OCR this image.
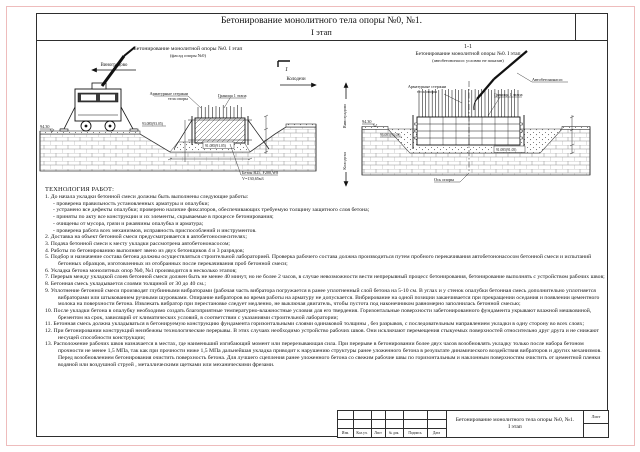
Бетонирование монолитного тела опоры №0, №1.
I этап
Бетонирование монолитной опоры №0. I этап
(фасад опоры №0)
Виноградово
1
Колодези
Арматурные стержни
тела опоры
Граница 1 этапа
94.30	93.085(93.05)
91.085(91.05)
Бетон В25, F200,W8
V=130,65м3
1-1
Бетонирование монолитной опоры №0. I этап
(автобетононасос условно не показан)
Виноградово
Колодези
Автобетононасос
Арматурные стержни
тела опоры
Граница 1 этапа
94.30
93.085(93.05)
91.085(91.05)
Ось опоры
ТЕХНОЛОГИЯ РАБОТ:
1. До начала укладки бетонной смеси должны быть выполнены следующие работы:
- проверена правильность установленных арматуры и опалубки;
- устранено все дефекты опалубки; проверено наличие фиксаторов, обеспечивающих требуемую толщину защитного слоя бетона;
- приняты по акту все конструкции и их элементы, скрываемые в процессе бетонирования;
- очищены от мусора, грязи и ржавчины опалубка и арматура;
- проверена работа всех механизмов, исправность приспособлений и инструментов.
2. Доставка на объект бетонной смеси предусматривается в автобетоносмесителях;
3. Подача бетонной смеси к месту укладки рассмотрена автобетононасосом;
4. Работы по бетонированию выполняет звено из двух бетонщиков 4 и 3 разрядов;
5. Подбор и назначение состава бетона должны осуществляться строительной лабораторией. Проверка рабочего состава должна производиться путем пробного перекачивания автобетононасосом бетонной смеси и испытаний бетонных образцов, изготовленных из отобранных после перекачивания проб бетонной смеси;
6. Укладка бетона монолитных опор №0, №1 производится в несколько этапов;
7. Перерыв между укладкой слоев бетонной смеси должен быть не менее 40 минут, но не более 2 часов, в случае невозможности вести непрерывный процесс бетонирования, бетонирование выполнять с устройством рабочих швов;
8. Бетонная смесь укладывается слоями толщиной от 30 до 40 см.;
9. Уплотнение бетонной смеси производят глубинными вибраторами (рабочая часть вибратора погружается в ранее уплотненный слой бетона на 5-10 см. В углах и у стенок опалубки бетонная смесь дополнительно уплотняется вибраторами или штыкованием ручными шуровками. Опирание вибраторов во время работы на арматуру не допускается. Вибрирование на одной позиции заканчивается при прекращении оседания и появлении цементного молока на поверхности бетона. Извлекать вибратор при перестановке следует медленно, не выключая двигатель, чтобы пустота под наконечником равномерно заполнилась бетонной смесью;
10. После укладки бетона в опалубку необходимо создать благоприятные температурно-влажностные условия для его твердения. Горизонтальные поверхности забетонированного фундамента укрывают влажной мешковиной, брезентом на срок, зависящий от климатических условий, в соответствии с указаниями строительной лаборатории;
11. Бетонная смесь должна укладываться в бетонируемую конструкцию фундамента горизонтальными слоями одинаковой толщины , без разрывов, с последовательным направлением укладки в одну сторону во всех слоях;
12. При бетонировании конструкций неизбежны технологические перерывы. В этих случаях необходимо устройство рабочих швов. Они исключают перемещения стыкуемых поверхностей относительно друг друга и не снижают несущей способности конструкции;
13. Расположение рабочих швов назначается в местах, где наименьший изгибающий момент или перерезывающая сила. При перерыве в бетонировании более двух часов возобновлять укладку только после набора бетоном прочности не менее 1,5 МПа, так как при прочности ниже 1,5 МПа дальнейшая укладка приводит к нарушению структуры ранее уложенного бетона в результате динамического воздействия вибраторов и других механизмов. Перед возобновлением бетонирования очистить поверхность бетона. Для лучшего сцепления ранее уложенного бетона со свежим рабочие швы по горизонтальным и наклонным поверхностям очистить от цементной пленки водяной или воздушной струей , металлическими щетками или механическими фрезами.
Изм.	Кол.уч.	Лист	№ док.	Подпись	Дата
Бетонирование монолитного тела опоры №0, №1.
I этап
Лист
